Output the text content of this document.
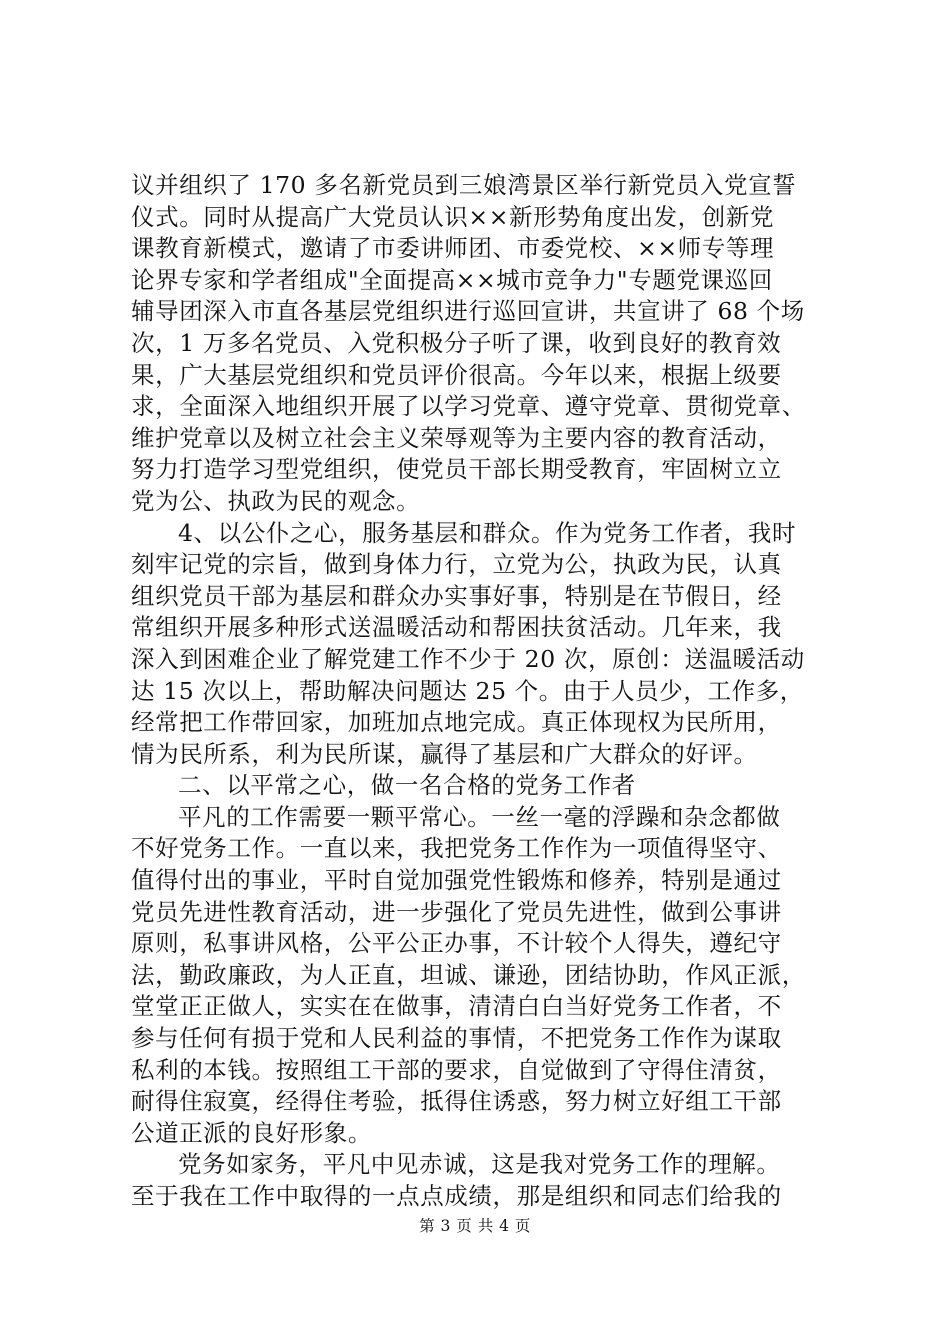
议并组织了 170 多名新党员到三娘湾景区举行新党员入党宣誓
仪式。同时从提高广大党员认识××新形势角度出发，创新党
课教育新模式，邀请了市委讲师团、市委党校、××师专等理
论界专家和学者组成"全面提高××城市竞争力"专题党课巡回
辅导团深入市直各基层党组织进行巡回宣讲，共宣讲了 68 个场
次，1 万多名党员、入党积极分子听了课，收到良好的教育效
果，广大基层党组织和党员评价很高。今年以来，根据上级要
求，全面深入地组织开展了以学习党章、遵守党章、贯彻党章、
维护党章以及树立社会主义荣辱观等为主要内容的教育活动，
努力打造学习型党组织，使党员干部长期受教育，牢固树立立
党为公、执政为民的观念。
4、以公仆之心，服务基层和群众。作为党务工作者，我时
刻牢记党的宗旨，做到身体力行，立党为公，执政为民，认真
组织党员干部为基层和群众办实事好事，特别是在节假日，经
常组织开展多种形式送温暖活动和帮困扶贫活动。几年来，我
深入到困难企业了解党建工作不少于 20 次，原创：送温暖活动
达 15 次以上，帮助解决问题达 25 个。由于人员少，工作多，
经常把工作带回家，加班加点地完成。真正体现权为民所用，
情为民所系，利为民所谋，赢得了基层和广大群众的好评。
二、以平常之心，做一名合格的党务工作者
平凡的工作需要一颗平常心。一丝一毫的浮躁和杂念都做
不好党务工作。一直以来，我把党务工作作为一项值得坚守、
值得付出的事业，平时自觉加强党性锻炼和修养，特别是通过
党员先进性教育活动，进一步强化了党员先进性，做到公事讲
原则，私事讲风格，公平公正办事，不计较个人得失，遵纪守
法，勤政廉政，为人正直，坦诚、谦逊，团结协助，作风正派，
堂堂正正做人，实实在在做事，清清白白当好党务工作者，不
参与任何有损于党和人民利益的事情，不把党务工作作为谋取
私利的本钱。按照组工干部的要求，自觉做到了守得住清贫，
耐得住寂寞，经得住考验，抵得住诱惑，努力树立好组工干部
公道正派的良好形象。
党务如家务，平凡中见赤诚，这是我对党务工作的理解。
至于我在工作中取得的一点点成绩，那是组织和同志们给我的
第 3 页 共 4 页
